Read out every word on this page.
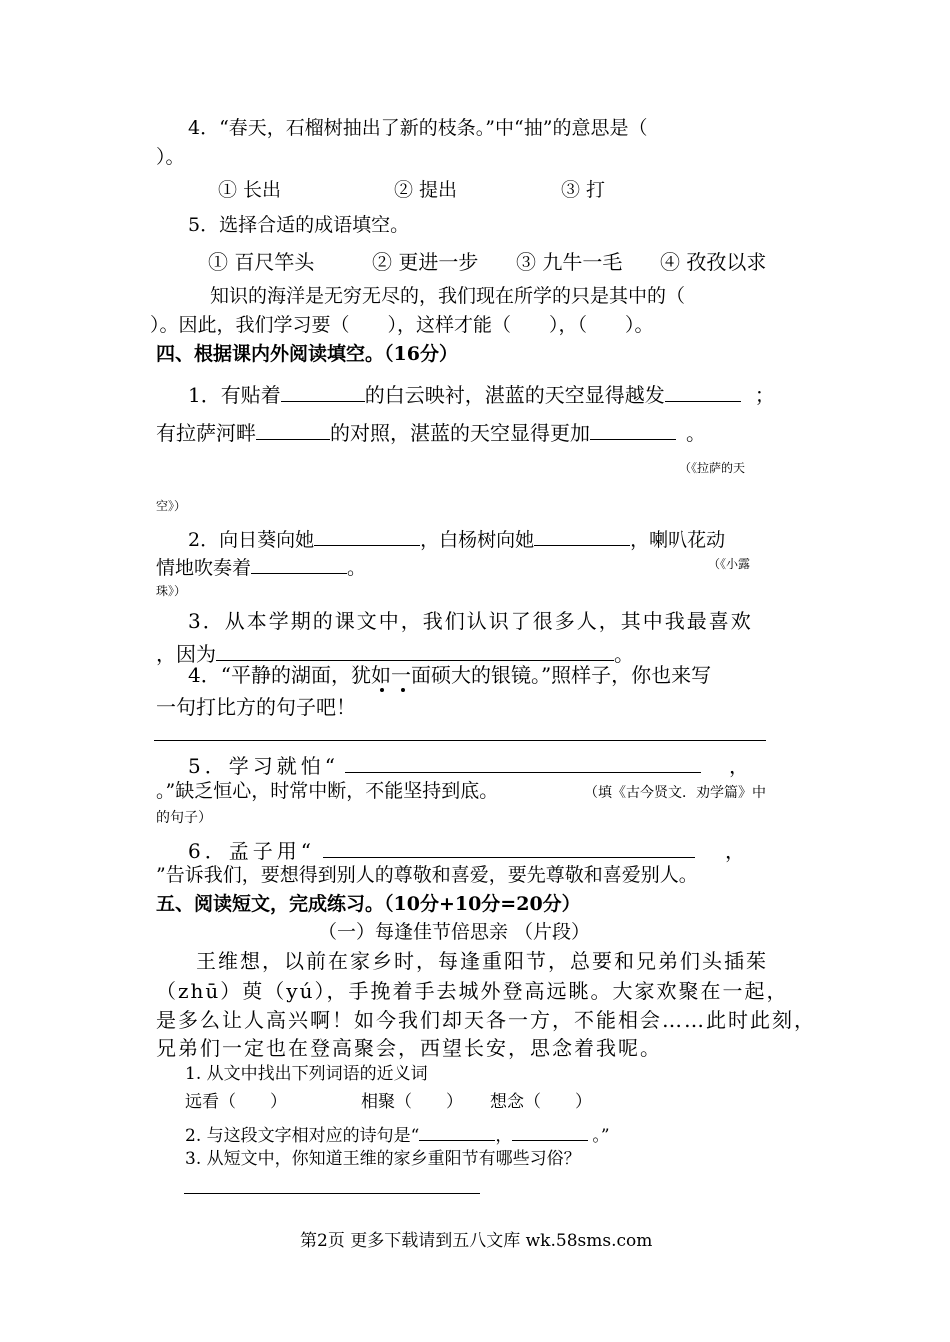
4．“春天，石榴树抽出了新的枝条。”中“抽”的意思是（
）。
① 长出	② 提出	③ 打
5．选择合适的成语填空。
① 百尺竿头	② 更进一步 ③ 九牛一毛 ④ 孜孜以求
知识的海洋是无穷无尽的，我们现在所学的只是其中的（
）。因此，我们学习要（　　），这样才能（　　），（　　）。
四、根据课内外阅读填空。（16分）
1．有贴着	的白云映衬，湛蓝的天空显得越发	；
有拉萨河畔	的对照，湛蓝的天空显得更加	。
（《拉萨的天
空》）
2．向日葵向她	，白杨树向她	，喇叭花动
情地吹奏着	。	（《小露
珠》）
3．从本学期的课文中，我们认识了很多人，其中我最喜欢
，因为	。
4．“平静的湖面，犹如一面硕大的银镜。”照样子，你也来写
一句打比方的句子吧！
5．学习就怕“	，
。”缺乏恒心，时常中断，不能坚持到底。	（填《古今贤文．劝学篇》中
的句子）
6．孟子用“	，
”告诉我们，要想得到别人的尊敬和喜爱，要先尊敬和喜爱别人。
五、阅读短文，完成练习。（10分+10分=20分）
（一）每逢佳节倍思亲 （片段）
王维想，以前在家乡时，每逢重阳节，总要和兄弟们头插茱
（zhū）萸（yú），手挽着手去城外登高远眺。大家欢聚在一起，
是多么让人高兴啊！如今我们却天各一方，不能相会……此时此刻，
兄弟们一定也在登高聚会，西望长安，思念着我呢。
1. 从文中找出下列词语的近义词
远看（　　）	相聚（　　） 想念（　　）
2. 与这段文字相对应的诗句是“	，	。”
3. 从短文中，你知道王维的家乡重阳节有哪些习俗？
第2页 更多下载请到五八文库 wk.58sms.com
